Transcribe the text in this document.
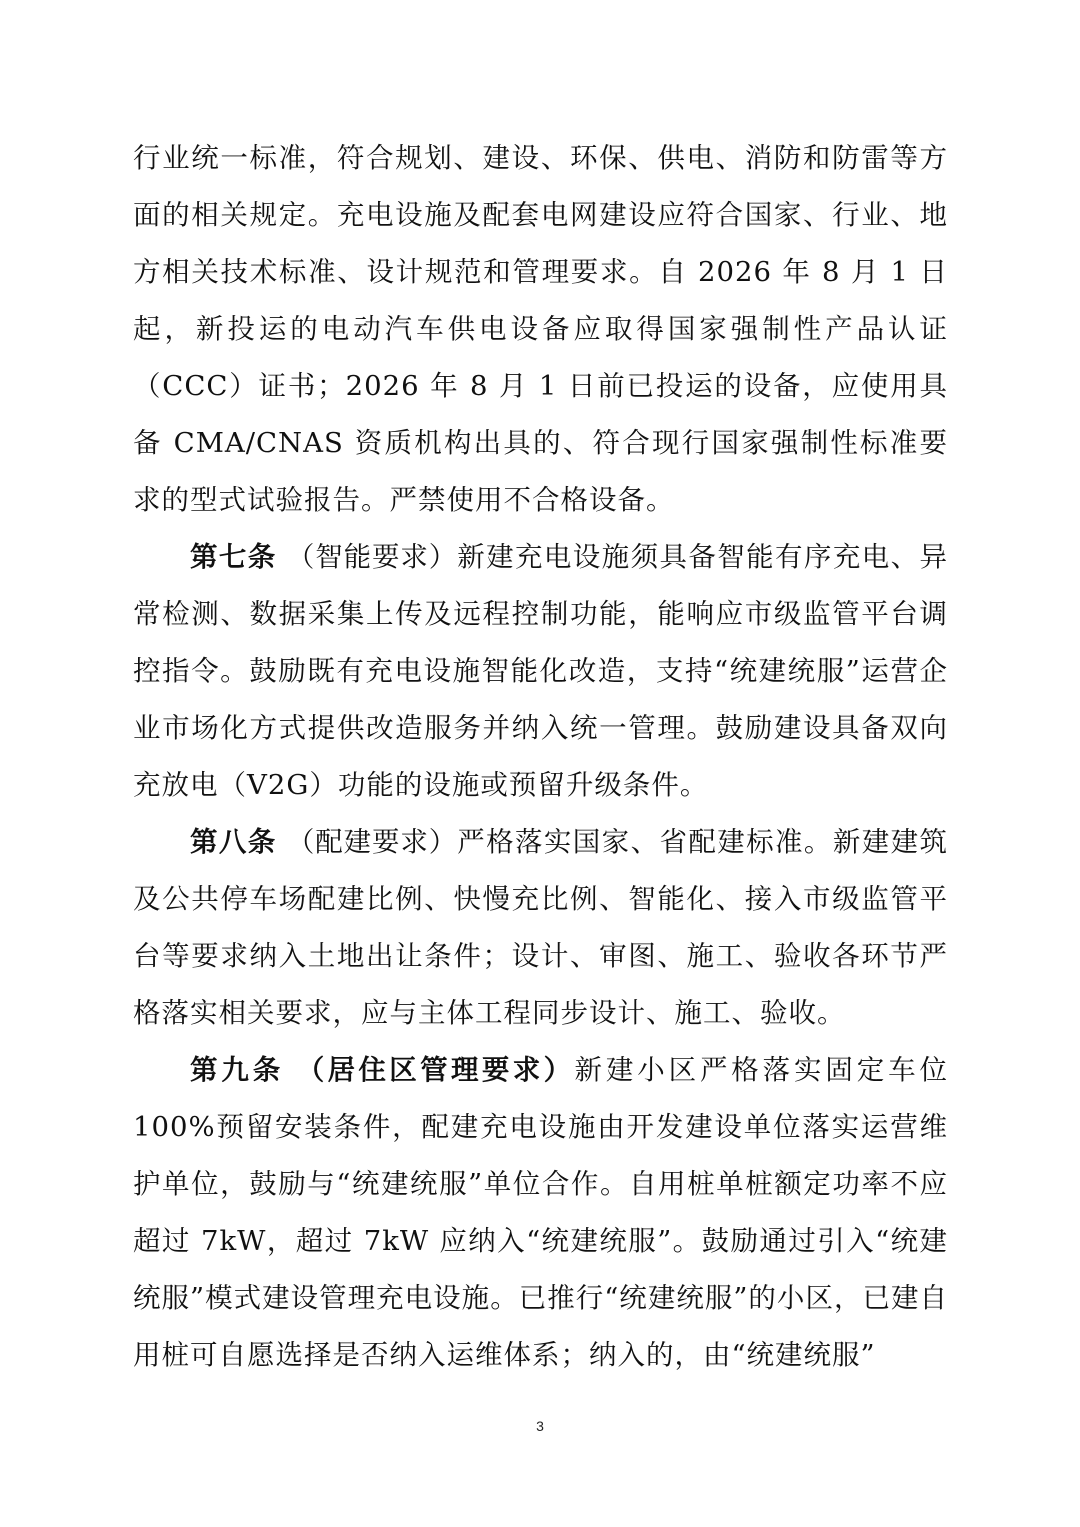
行业统一标准，符合规划、建设、环保、供电、消防和防雷等方面的相关规定。充电设施及配套电网建设应符合国家、行业、地方相关技术标准、设计规范和管理要求。自 2026 年 8 月 1 日起，新投运的电动汽车供电设备应取得国家强制性产品认证（CCC）证书；2026 年 8 月 1 日前已投运的设备，应使用具备 CMA/CNAS 资质机构出具的、符合现行国家强制性标准要求的型式试验报告。严禁使用不合格设备。

第七条 （智能要求）新建充电设施须具备智能有序充电、异常检测、数据采集上传及远程控制功能，能响应市级监管平台调控指令。鼓励既有充电设施智能化改造，支持“统建统服”运营企业市场化方式提供改造服务并纳入统一管理。鼓励建设具备双向充放电（V2G）功能的设施或预留升级条件。

第八条 （配建要求）严格落实国家、省配建标准。新建建筑及公共停车场配建比例、快慢充比例、智能化、接入市级监管平台等要求纳入土地出让条件；设计、审图、施工、验收各环节严格落实相关要求，应与主体工程同步设计、施工、验收。

第九条 （居住区管理要求）新建小区严格落实固定车位 100%预留安装条件，配建充电设施由开发建设单位落实运营维护单位，鼓励与“统建统服”单位合作。自用桩单桩额定功率不应超过 7kW，超过 7kW 应纳入“统建统服”。鼓励通过引入“统建统服”模式建设管理充电设施。已推行“统建统服”的小区，已建自用桩可自愿选择是否纳入运维体系；纳入的，由“统建统服”

3
